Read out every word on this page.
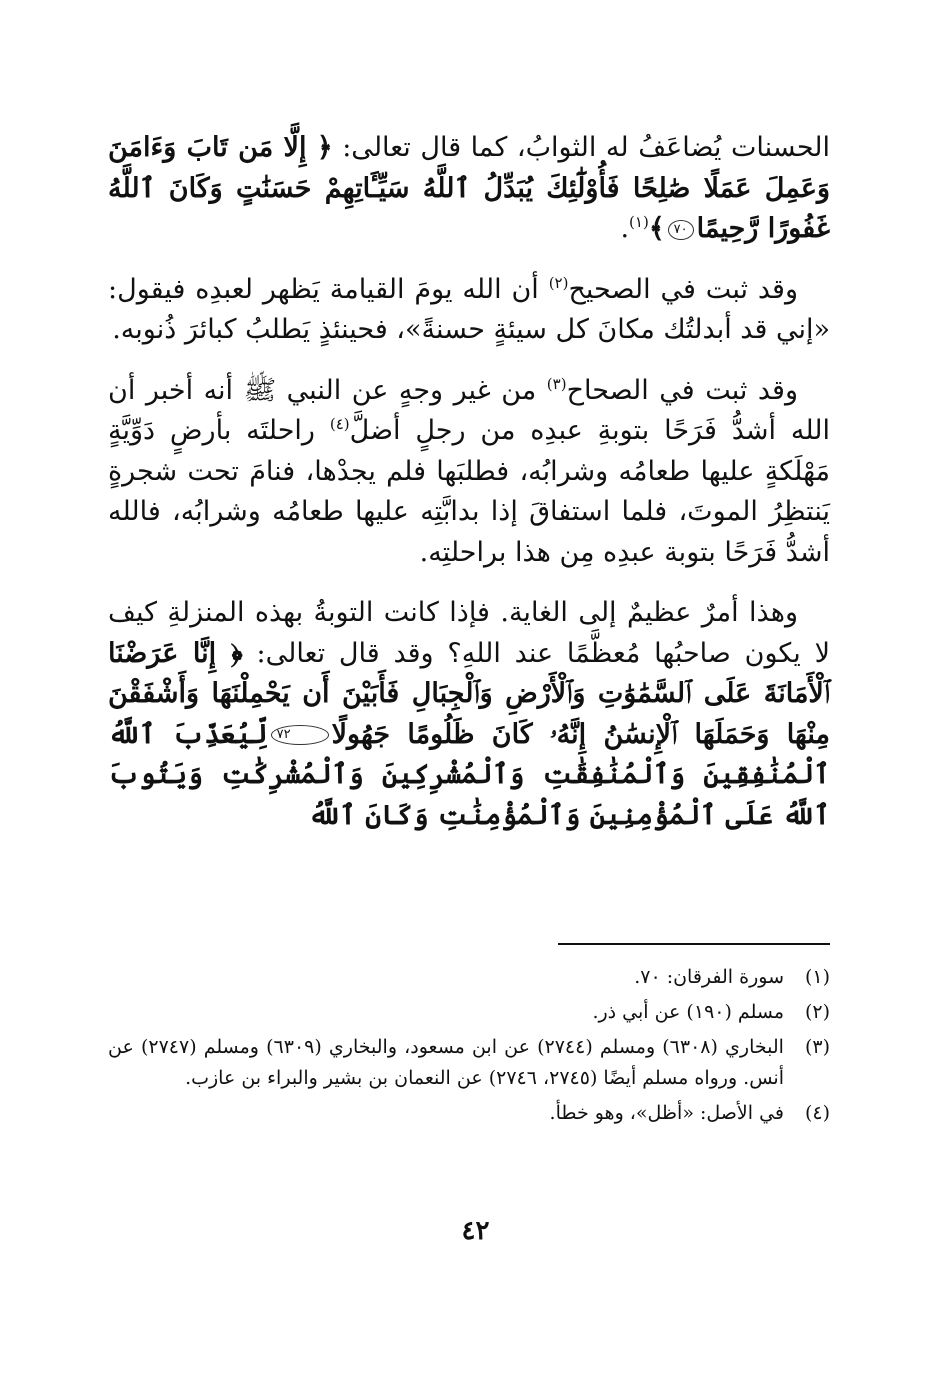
الحسنات يُضاعَفُ له الثوابُ، كما قال تعالى: ﴿ إِلَّا مَن تَابَ وَءَامَنَ وَعَمِلَ عَمَلًا صَٰلِحًا فَأُوْلَٰٓئِكَ يُبَدِّلُ ٱللَّهُ سَيِّـَٔاتِهِمْ حَسَنَٰتٍ وَكَانَ ٱللَّهُ غَفُورًا رَّحِيمًا٧٠﴾$^{(١)}$.

وقد ثبت في الصحيح$^{(٢)}$ أن الله يومَ القيامة يَظهر لعبدِه فيقول: «إني قد أبدلتُك مكانَ كل سيئةٍ حسنةً»، فحينئذٍ يَطلبُ كبائرَ ذُنوبه.

وقد ثبت في الصحاح$^{(٣)}$ من غير وجهٍ عن النبي ﷺ أنه أخبر أن الله أشدُّ فَرَحًا بتوبةِ عبدِه من رجلٍ أضلَّ$^{(٤)}$ راحلتَه بأرضٍ دَوِّيَّةٍ مَهْلَكةٍ عليها طعامُه وشرابُه، فطلبَها فلم يجدْها، فنامَ تحت شجرةٍ يَنتظِرُ الموتَ، فلما استفاقَ إذا بدابَّتِه عليها طعامُه وشرابُه، فالله أشدُّ فَرَحًا بتوبة عبدِه مِن هذا براحلتِه.

وهذا أمرٌ عظيمٌ إلى الغاية. فإذا كانت التوبةُ بهذه المنزلةِ كيف لا يكون صاحبُها مُعظَّمًا عند اللهِ؟ وقد قال تعالى: ﴿ إِنَّا عَرَضْنَا ٱلْأَمَانَةَ عَلَى ٱلسَّمَٰوَٰتِ وَٱلْأَرْضِ وَٱلْجِبَالِ فَأَبَيْنَ أَن يَحْمِلْنَهَا وَأَشْفَقْنَ مِنْهَا وَحَمَلَهَا ٱلْإِنسَٰنُ إِنَّهُۥ كَانَ ظَلُومًا جَهُولًا٧٢لِّيُعَذِّبَ ٱللَّهُ ٱلْمُنَٰفِقِينَ وَٱلْمُنَٰفِقَٰتِ وَٱلْمُشْرِكِينَ وَٱلْمُشْرِكَٰتِ وَيَتُوبَ ٱللَّهُ عَلَى ٱلْمُؤْمِنِينَ وَٱلْمُؤْمِنَٰتِ وَكَانَ ٱللَّهُ

(١)
سورة الفرقان: ٧٠.
(٢)
مسلم (١٩٠) عن أبي ذر.
(٣)
البخاري (٦٣٠٨) ومسلم (٢٧٤٤) عن ابن مسعود، والبخاري (٦٣٠٩) ومسلم (٢٧٤٧) عن أنس. ورواه مسلم أيضًا (٢٧٤٥، ٢٧٤٦) عن النعمان بن بشير والبراء بن عازب.
(٤)
في الأصل: «أظل»، وهو خطأ.
٤٢
